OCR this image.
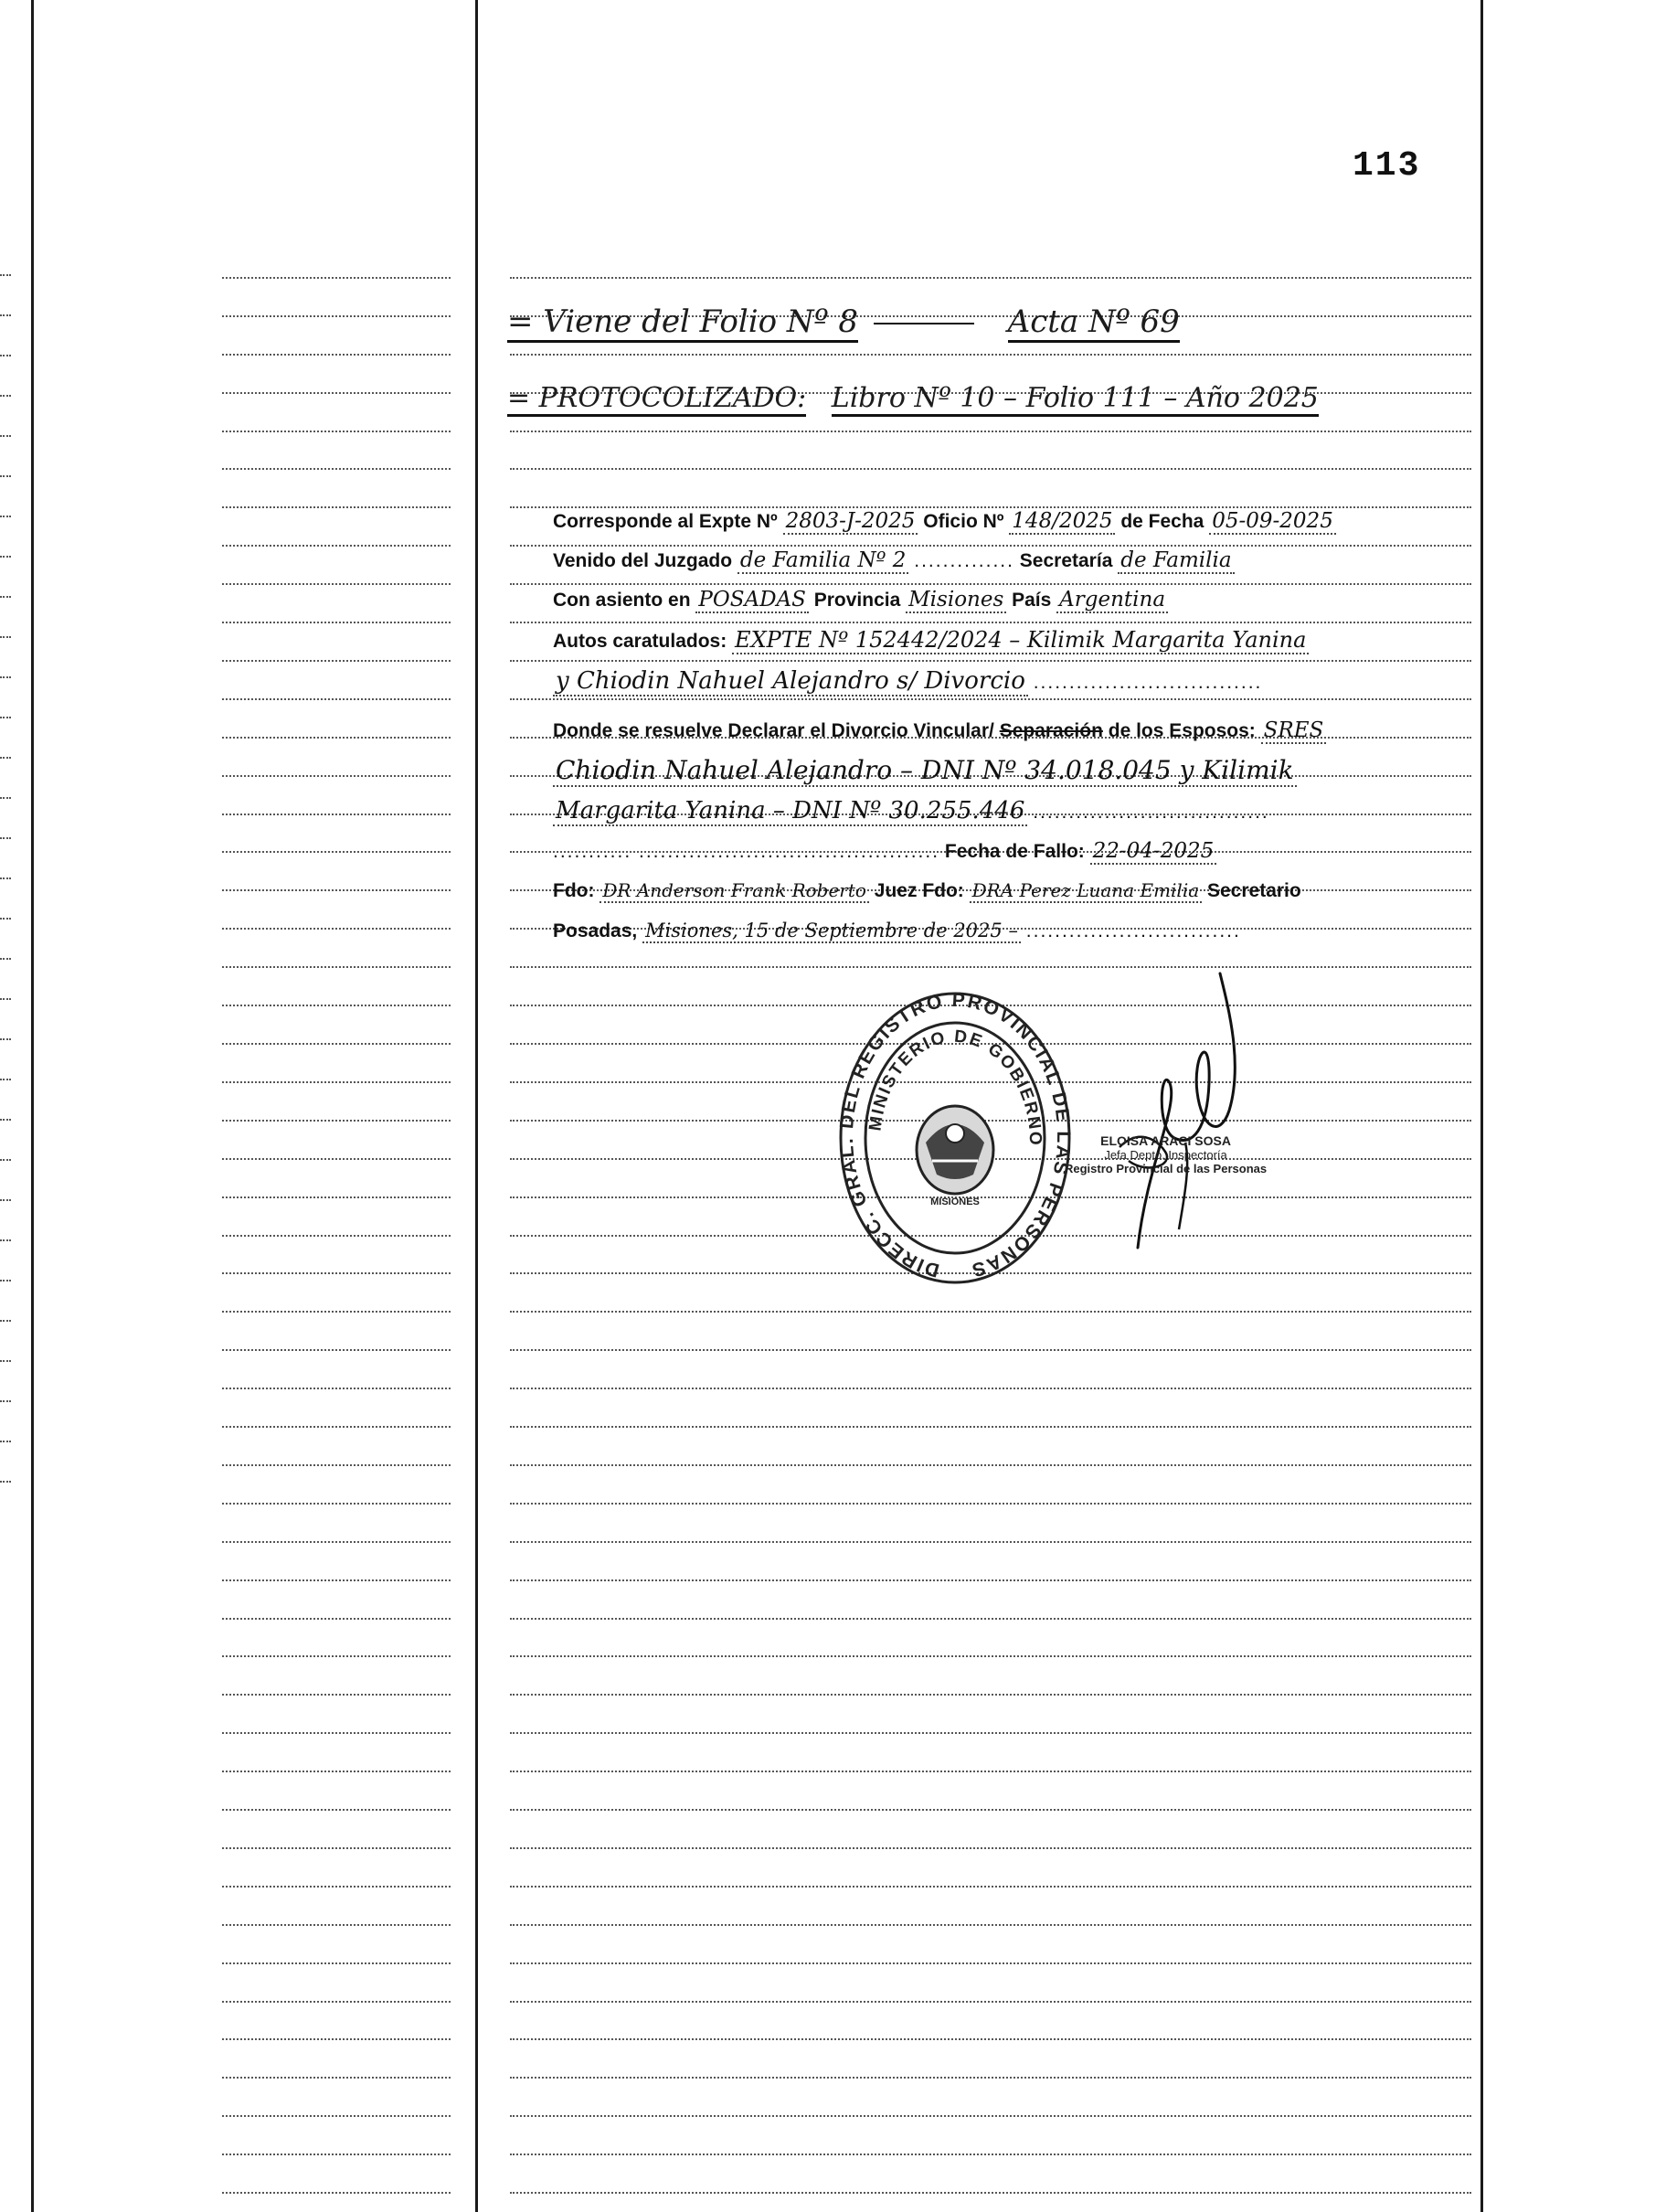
113
= Viene del Folio Nº 8	Acta Nº 69
= PROTOCOLIZADO: Libro Nº 10 – Folio 111 – Año 2025
Corresponde al Expte Nº 2803-J-2025 Oficio Nº 148/2025 de Fecha 05-09-2025
Venido del Juzgado de Familia Nº 2 .............. Secretaría de Familia
Con asiento en POSADAS Provincia Misiones País Argentina
Autos caratulados: EXPTE Nº 152442/2024 – Kilimik Margarita Yanina
y Chiodin Nahuel Alejandro s/ Divorcio ................................
Donde se resuelve Declarar el Divorcio Vincular/ Separación de los Esposos: SRES
Chiodin Nahuel Alejandro – DNI Nº 34.018.045 y Kilimik
Margarita Yanina – DNI Nº 30.255.446 .................................
........... .......................................... Fecha de Fallo: 22-04-2025
Fdo: DR Anderson Frank Roberto Juez Fdo: DRA Perez Luana Emilia Secretario
Posadas, Misiones, 15 de Septiembre de 2025 – ..............................
DIRECC. GRAL. DEL REGISTRO PROVINCIAL DE LAS PERSONAS
MINISTERIO DE GOBIERNO
MISIONES
ELOISA ARACI SOSA
Jefa Depto. Inspectoría
Registro Provincial de las Personas
